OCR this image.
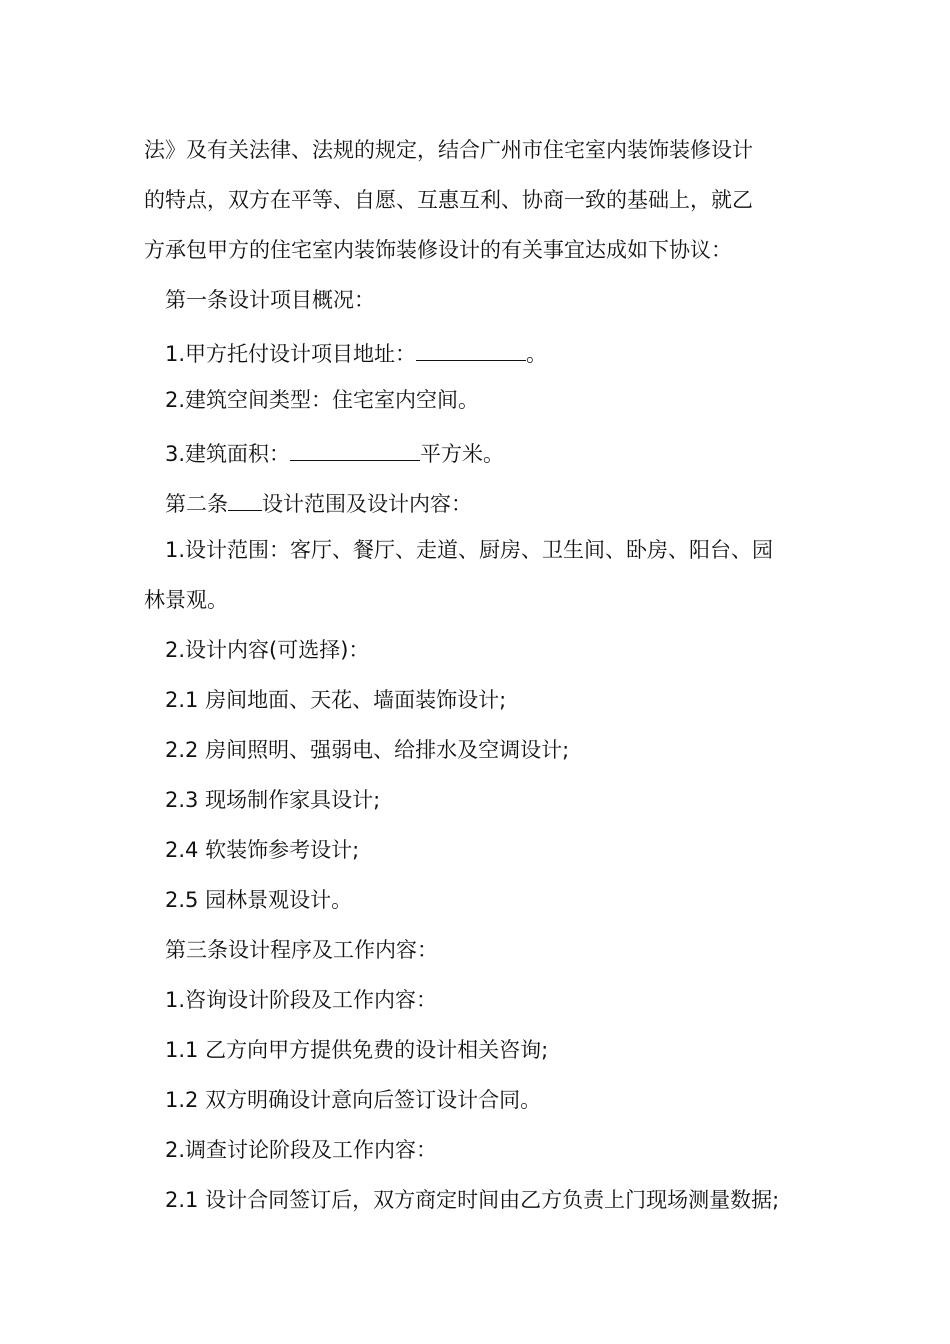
法》及有关法律、法规的规定，结合广州市住宅室内装饰装修设计
的特点，双方在平等、自愿、互惠互利、协商一致的基础上，就乙
方承包甲方的住宅室内装饰装修设计的有关事宜达成如下协议：
第一条设计项目概况：
1.甲方托付设计项目地址：	。
2.建筑空间类型：住宅室内空间。
3.建筑面积：	平方米。
第二条 设计范围及设计内容：
1.设计范围：客厅、餐厅、走道、厨房、卫生间、卧房、阳台、园
林景观。
2.设计内容(可选择)：
2.1 房间地面、天花、墙面装饰设计;
2.2 房间照明、强弱电、给排水及空调设计;
2.3 现场制作家具设计;
2.4 软装饰参考设计;
2.5 园林景观设计。
第三条设计程序及工作内容：
1.咨询设计阶段及工作内容：
1.1 乙方向甲方提供免费的设计相关咨询;
1.2 双方明确设计意向后签订设计合同。
2.调查讨论阶段及工作内容：
2.1 设计合同签订后，双方商定时间由乙方负责上门现场测量数据;
